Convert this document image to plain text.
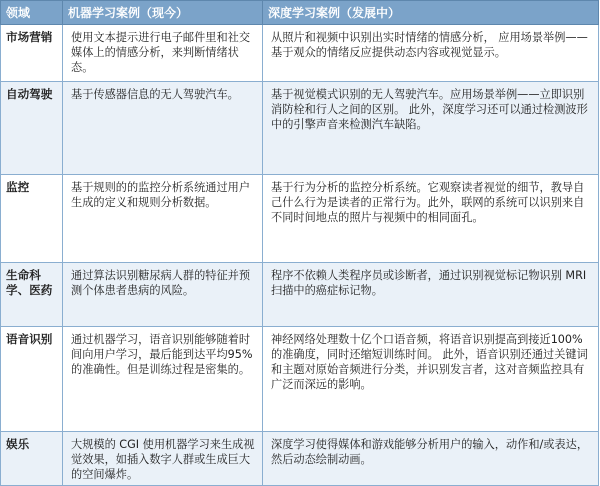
领域	机器学习案例（现今）	深度学习案例（发展中）
市场营销	使用文本提示进行电子邮件里和社交媒体上的情感分析，来判断情绪状态。	从照片和视频中识别出实时情绪的情感分析， 应用场景举例——基于观众的情绪反应提供动态内容或视觉显示。
自动驾驶	基于传感器信息的无人驾驶汽车。	基于视觉模式识别的无人驾驶汽车。应用场景举例——立即识别消防栓和行人之间的区别。 此外，深度学习还可以通过检测波形中的引擎声音来检测汽车缺陷。
监控	基于规则的的监控分析系统通过用户生成的定义和规则分析数据。	基于行为分析的监控分析系统。它观察读者视觉的细节，教导自己什么行为是读者的正常行为。此外，联网的系统可以识别来自不同时间地点的照片与视频中的相同面孔。
生命科学、医药	通过算法识别糖尿病人群的特征并预测个体患者患病的风险。	程序不依赖人类程序员或诊断者，通过识别视觉标记物识别 MRI 扫描中的癌症标记物。
语音识别	通过机器学习，语音识别能够随着时间向用户学习，最后能到达平均95%的准确性。但是训练过程是密集的。	神经网络处理数十亿个口语音频，将语音识别提高到接近100%的准确度，同时还缩短训练时间。 此外，语音识别还通过关键词和主题对原始音频进行分类，并识别发言者，这对音频监控具有广泛而深远的影响。
娱乐	大规模的 CGI 使用机器学习来生成视觉效果，如插入数字人群或生成巨大的空间爆炸。	深度学习使得媒体和游戏能够分析用户的输入，动作和/或表达，然后动态绘制动画。
